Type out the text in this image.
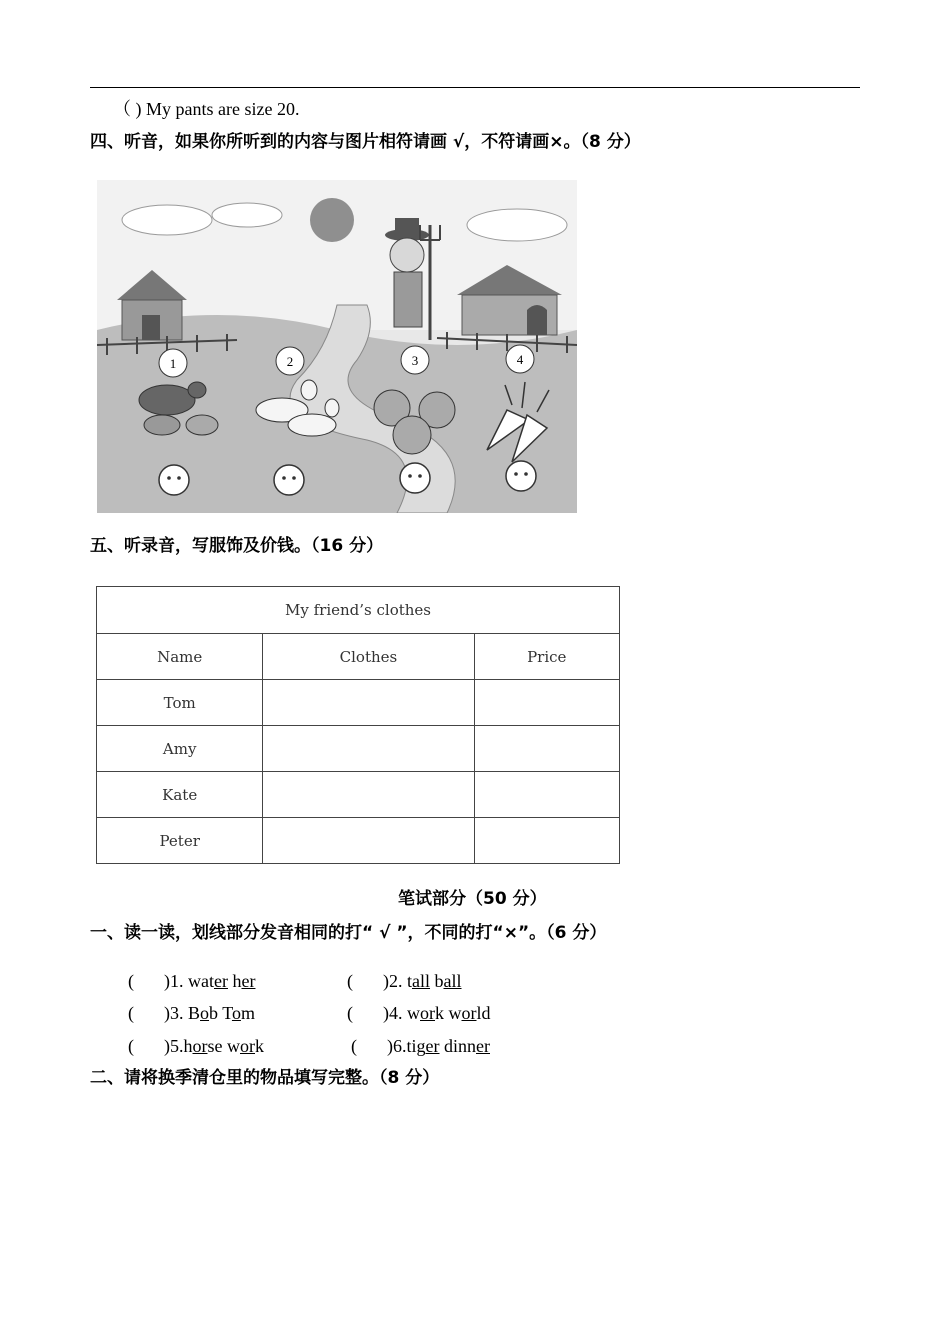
（ ) My pants are size 20.
四、听音，如果你所听到的内容与图片相符请画 √，不符请画×。（8 分）
1	2	3	4
五、听录音，写服饰及价钱。（16 分）
My friend’s clothes		
Name	Clothes	Price
Tom		
Amy		
Kate		
Peter		
笔试部分（50 分）
一、读一读，划线部分发音相同的打“ √ ”，不同的打“×”。（6 分）
( )1. water her	( )2. tall ball
( )3. Bob Tom	( )4. work world
( )5.horse work	( )6.tiger dinner
二、请将换季清仓里的物品填写完整。（8 分）
